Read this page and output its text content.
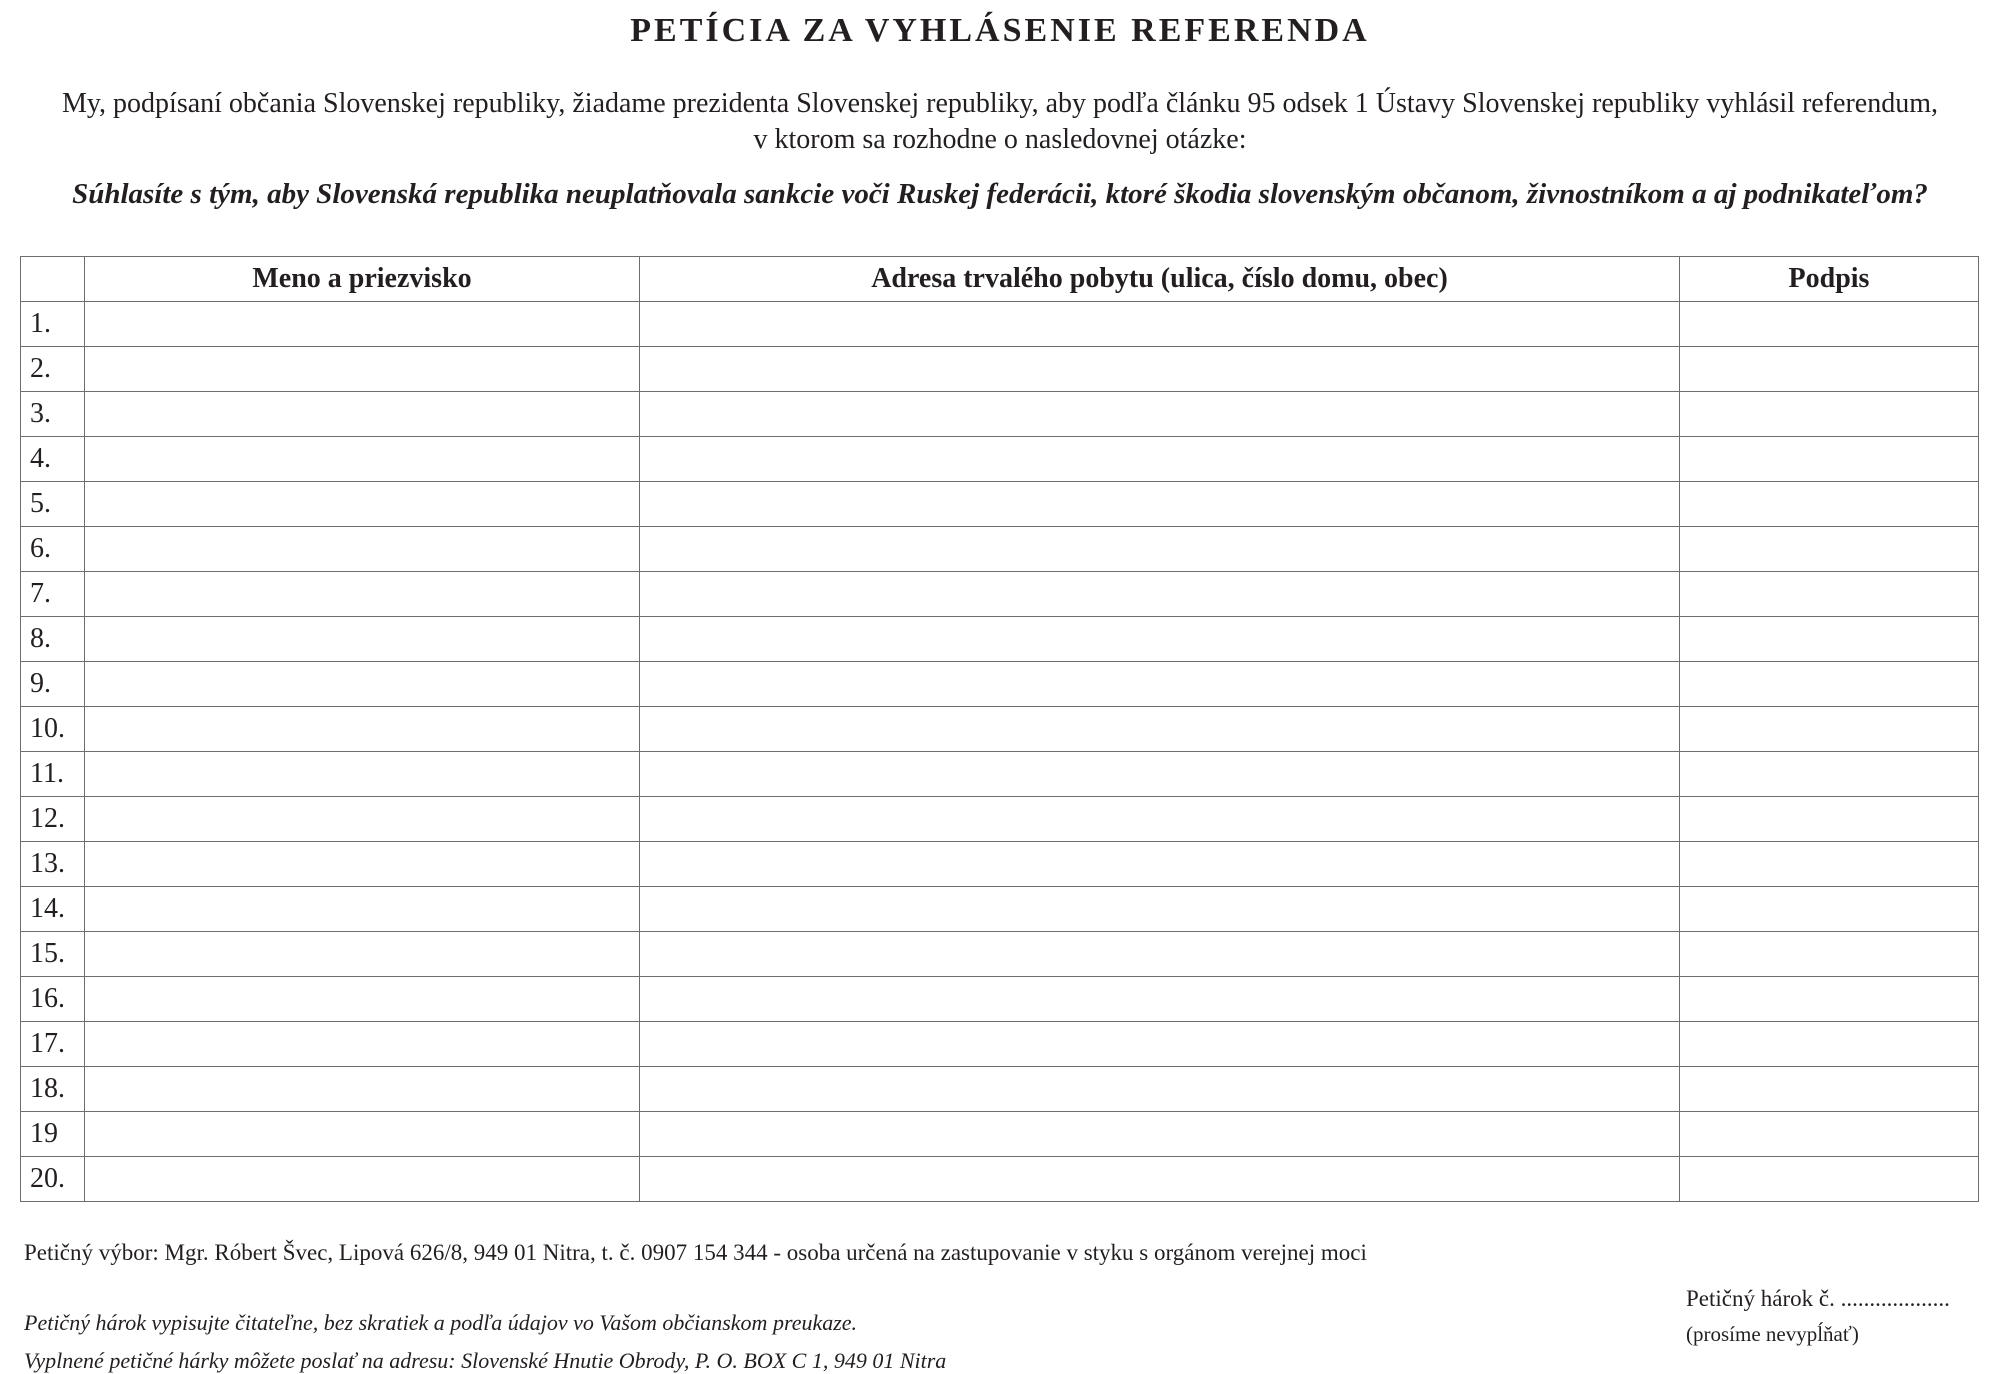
PETÍCIA ZA VYHLÁSENIE REFERENDA
My, podpísaní občania Slovenskej republiky, žiadame prezidenta Slovenskej republiky, aby podľa článku 95 odsek 1 Ústavy Slovenskej republiky vyhlásil referendum, v ktorom sa rozhodne o nasledovnej otázke:
Súhlasíte s tým, aby Slovenská republika neuplatňovala sankcie voči Ruskej federácii, ktoré škodia slovenským občanom, živnostníkom a aj podnikateľom?
	Meno a priezvisko	Adresa trvalého pobytu (ulica, číslo domu, obec)	Podpis
1.			
2.			
3.			
4.			
5.			
6.			
7.			
8.			
9.			
10.			
11.			
12.			
13.			
14.			
15.			
16.			
17.			
18.			
19			
20.			
Petičný výbor: Mgr. Róbert Švec, Lipová 626/8, 949 01 Nitra, t. č. 0907 154 344 - osoba určená na zastupovanie v styku s orgánom verejnej moci
Petičný hárok vypisujte čitateľne, bez skratiek a podľa údajov vo Vašom občianskom preukaze.
Vyplnené petičné hárky môžete poslať na adresu: Slovenské Hnutie Obrody, P. O. BOX C 1, 949 01 Nitra
Petičný hárok č. ...................
(prosíme nevypĺňať)
